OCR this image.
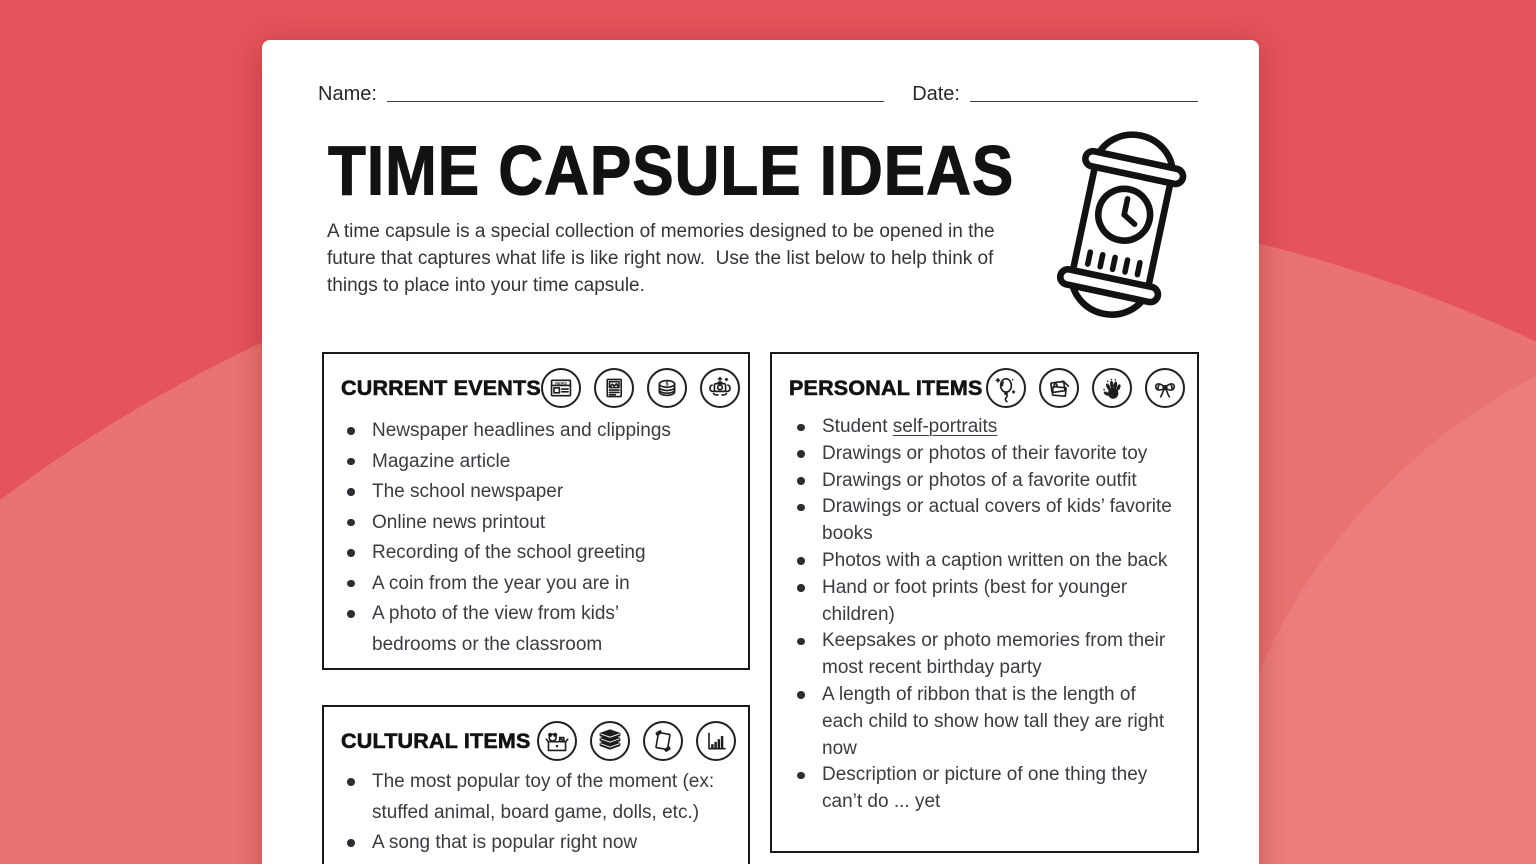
Name:	Date:
TIME CAPSULE IDEAS
A time capsule is a special collection of memories designed to be opened in the future that captures what life is like right now.  Use the list below to help think of things to place into your time capsule.
CURRENT EVENTS	NEWS	$
Newspaper headlines and clippings
Magazine article
The school newspaper
Online news printout
Recording of the school greeting
A coin from the year you are in
A photo of the view from kids’ bedrooms or the classroom
PERSONAL ITEMS
Student self-portraits
Drawings or photos of their favorite toy
Drawings or photos of a favorite outfit
Drawings or actual covers of kids’ favorite books
Photos with a caption written on the back
Hand or foot prints (best for younger children)
Keepsakes or photo memories from their most recent birthday party
A length of ribbon that is the length of each child to show how tall they are right now
Description or picture of one thing they can’t do ... yet
CULTURAL ITEMS
The most popular toy of the moment (ex: stuffed animal, board game, dolls, etc.)
A song that is popular right now
